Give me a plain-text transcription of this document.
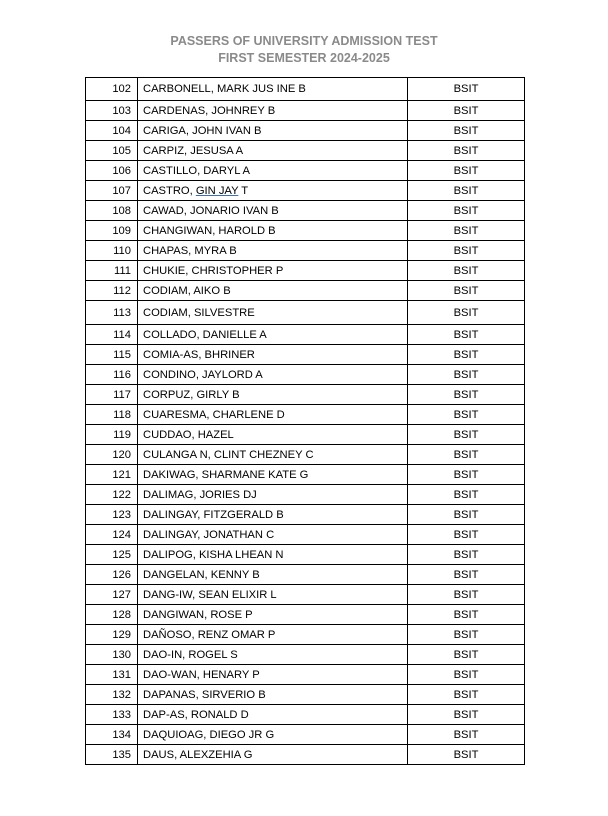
PASSERS OF UNIVERSITY ADMISSION TEST
FIRST SEMESTER 2024-2025
102	CARBONELL, MARK JUS INE B	BSIT
103	CARDENAS, JOHNREY B	BSIT
104	CARIGA, JOHN IVAN B	BSIT
105	CARPIZ, JESUSA A	BSIT
106	CASTILLO, DARYL A	BSIT
107	CASTRO, GIN JAY T	BSIT
108	CAWAD, JONARIO IVAN B	BSIT
109	CHANGIWAN, HAROLD B	BSIT
110	CHAPAS, MYRA B	BSIT
111	CHUKIE, CHRISTOPHER P	BSIT
112	CODIAM, AIKO B	BSIT
113	CODIAM, SILVESTRE	BSIT
114	COLLADO, DANIELLE A	BSIT
115	COMIA-AS, BHRINER	BSIT
116	CONDINO, JAYLORD A	BSIT
117	CORPUZ, GIRLY B	BSIT
118	CUARESMA, CHARLENE D	BSIT
119	CUDDAO, HAZEL	BSIT
120	CULANGA N, CLINT CHEZNEY C	BSIT
121	DAKIWAG, SHARMANE KATE G	BSIT
122	DALIMAG, JORIES DJ	BSIT
123	DALINGAY, FITZGERALD B	BSIT
124	DALINGAY, JONATHAN C	BSIT
125	DALIPOG, KISHA LHEAN N	BSIT
126	DANGELAN, KENNY B	BSIT
127	DANG-IW, SEAN ELIXIR L	BSIT
128	DANGIWAN, ROSE P	BSIT
129	DAÑOSO, RENZ OMAR P	BSIT
130	DAO-IN, ROGEL S	BSIT
131	DAO-WAN, HENARY P	BSIT
132	DAPANAS, SIRVERIO B	BSIT
133	DAP-AS, RONALD D	BSIT
134	DAQUIOAG, DIEGO JR G	BSIT
135	DAUS, ALEXZEHIA G	BSIT
